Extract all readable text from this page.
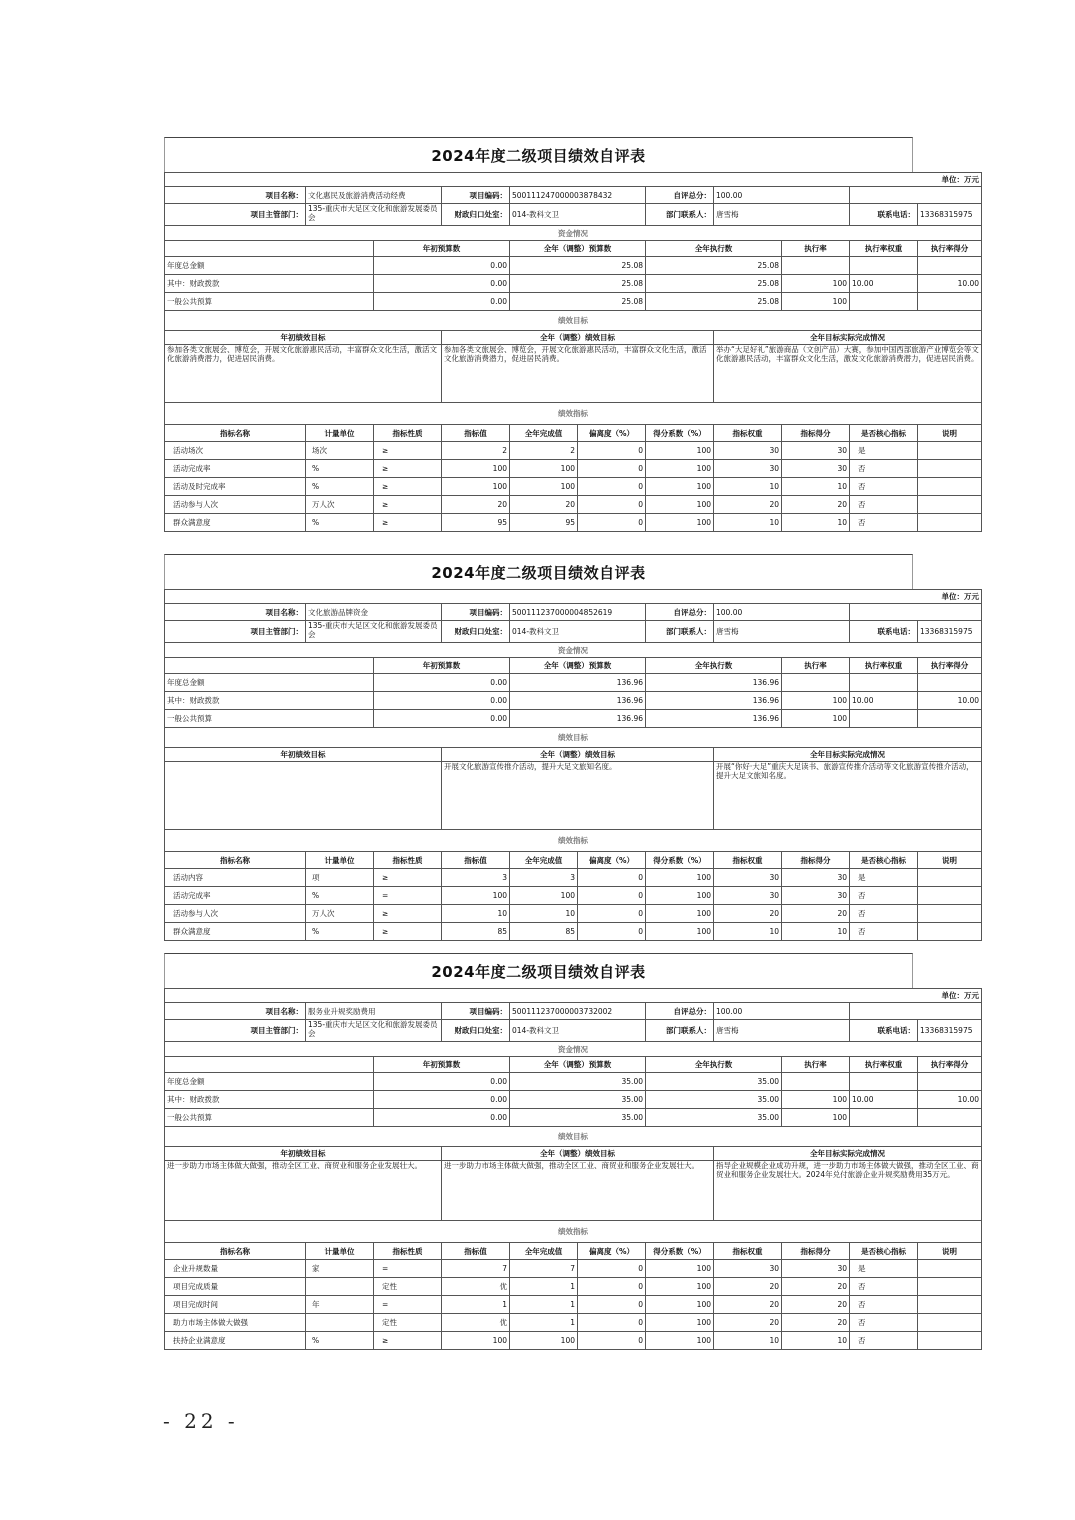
2024年度二级项目绩效自评表
单位：万元
项目名称：	文化惠民及旅游消费活动经费	项目编码：	500111247000003878432	自评总分：	100.00	
项目主管部门：	135-重庆市大足区文化和旅游发展委员会	财政归口处室：	014-教科文卫	部门联系人：	唐雪梅	联系电话：	13368315975
资金情况
	年初预算数	全年（调整）预算数	全年执行数	执行率	执行率权重	执行率得分
年度总金额	0.00	25.08	25.08			
其中：财政拨款	0.00	25.08	25.08	100	10.00	10.00
一般公共预算	0.00	25.08	25.08	100		
绩效目标
年初绩效目标	全年（调整）绩效目标	全年目标实际完成情况
参加各类文旅展会、博览会，开展文化旅游惠民活动，丰富群众文化生活，激活文化旅游消费潜力，促进居民消费。	参加各类文旅展会、博览会，开展文化旅游惠民活动，丰富群众文化生活，激活文化旅游消费潜力，促进居民消费。	举办“大足好礼”旅游商品（文创产品）大赛，参加中国西部旅游产业博览会等文化旅游惠民活动，丰富群众文化生活，激发文化旅游消费潜力，促进居民消费。
绩效指标
指标名称	计量单位	指标性质	指标值	全年完成值	偏离度（%）	得分系数（%）	指标权重	指标得分	是否核心指标	说明
活动场次	场次	≥	2	2	0	100	30	30	是	
活动完成率	%	≥	100	100	0	100	30	30	否	
活动及时完成率	%	≥	100	100	0	100	10	10	否	
活动参与人次	万人次	≥	20	20	0	100	20	20	否	
群众满意度	%	≥	95	95	0	100	10	10	否	
2024年度二级项目绩效自评表
单位：万元
项目名称：	文化旅游品牌资金	项目编码：	500111237000004852619	自评总分：	100.00	
项目主管部门：	135-重庆市大足区文化和旅游发展委员会	财政归口处室：	014-教科文卫	部门联系人：	唐雪梅	联系电话：	13368315975
资金情况
	年初预算数	全年（调整）预算数	全年执行数	执行率	执行率权重	执行率得分
年度总金额	0.00	136.96	136.96			
其中：财政拨款	0.00	136.96	136.96	100	10.00	10.00
一般公共预算	0.00	136.96	136.96	100		
绩效目标
年初绩效目标	全年（调整）绩效目标	全年目标实际完成情况
	开展文化旅游宣传推介活动，提升大足文旅知名度。	开展“你好·大足”重庆大足读书、旅游宣传推介活动等文化旅游宣传推介活动，提升大足文旅知名度。
绩效指标
指标名称	计量单位	指标性质	指标值	全年完成值	偏离度（%）	得分系数（%）	指标权重	指标得分	是否核心指标	说明
活动内容	项	≥	3	3	0	100	30	30	是	
活动完成率	%	=	100	100	0	100	30	30	否	
活动参与人次	万人次	≥	10	10	0	100	20	20	否	
群众满意度	%	≥	85	85	0	100	10	10	否	
2024年度二级项目绩效自评表
单位：万元
项目名称：	服务业升规奖励费用	项目编码：	500111237000003732002	自评总分：	100.00	
项目主管部门：	135-重庆市大足区文化和旅游发展委员会	财政归口处室：	014-教科文卫	部门联系人：	唐雪梅	联系电话：	13368315975
资金情况
	年初预算数	全年（调整）预算数	全年执行数	执行率	执行率权重	执行率得分
年度总金额	0.00	35.00	35.00			
其中：财政拨款	0.00	35.00	35.00	100	10.00	10.00
一般公共预算	0.00	35.00	35.00	100		
绩效目标
年初绩效目标	全年（调整）绩效目标	全年目标实际完成情况
进一步助力市场主体做大做强，推动全区工业、商贸业和服务企业发展壮大。	进一步助力市场主体做大做强，推动全区工业、商贸业和服务企业发展壮大。	指导企业规模企业成功升规，进一步助力市场主体做大做强，推动全区工业、商贸业和服务企业发展壮大。2024年兑付旅游企业升规奖励费用35万元。
绩效指标
指标名称	计量单位	指标性质	指标值	全年完成值	偏离度（%）	得分系数（%）	指标权重	指标得分	是否核心指标	说明
企业升规数量	家	=	7	7	0	100	30	30	是	
项目完成质量		定性	优	1	0	100	20	20	否	
项目完成时间	年	=	1	1	0	100	20	20	否	
助力市场主体做大做强		定性	优	1	0	100	20	20	否	
扶持企业满意度	%	≥	100	100	0	100	10	10	否	
- 22 -
